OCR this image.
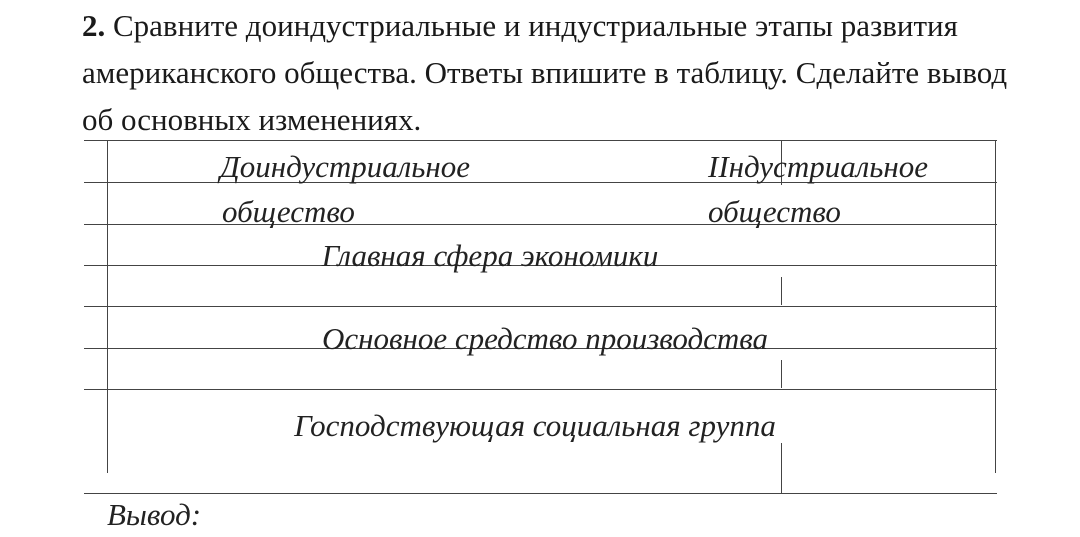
2. Сравните доиндустриальные и индустриальные этапы развития американского общества. Ответы впишите в таблицу. Сделайте вывод об основных изменениях.

Доиндустриальное
общество
IIндустриальное
общество
Главная сфера экономики
Основное средство производства
Господствующая социальная группа
Вывод:
